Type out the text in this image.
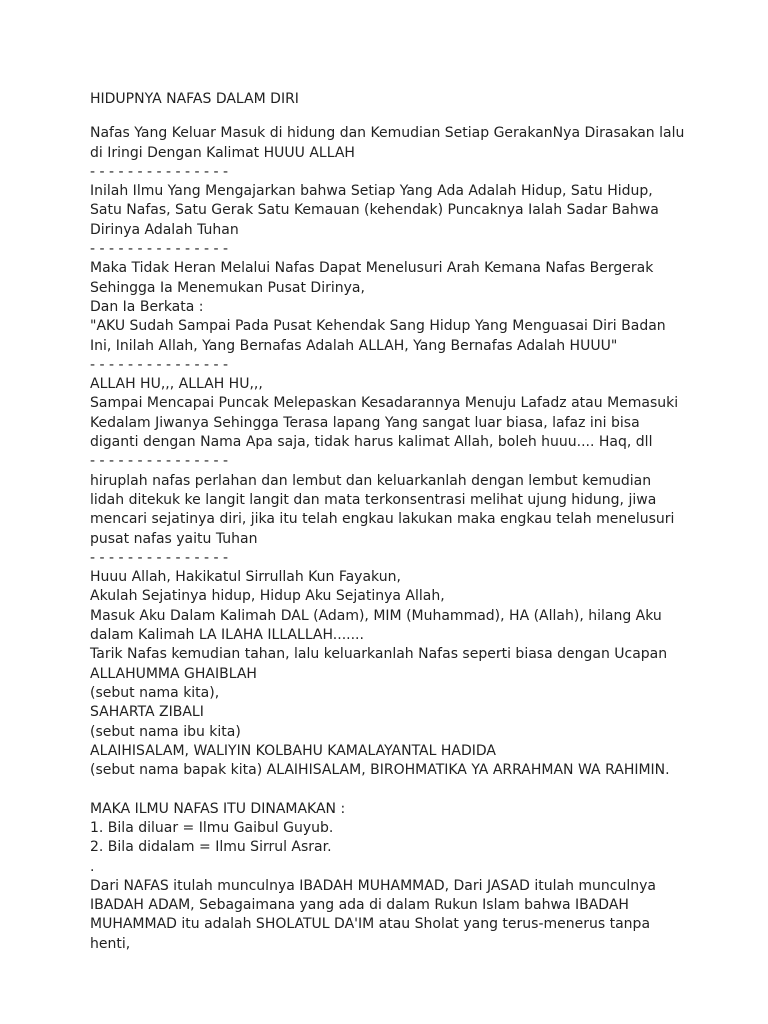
HIDUPNYA NAFAS DALAM DIRI
Nafas Yang Keluar Masuk di hidung dan Kemudian Setiap GerakanNya Dirasakan lalu
di Iringi Dengan Kalimat HUUU ALLAH
- - - - - - - - - - - - - - -
Inilah Ilmu Yang Mengajarkan bahwa Setiap Yang Ada Adalah Hidup, Satu Hidup,
Satu Nafas, Satu Gerak Satu Kemauan (kehendak) Puncaknya Ialah Sadar Bahwa
Dirinya Adalah Tuhan
- - - - - - - - - - - - - - -
Maka Tidak Heran Melalui Nafas Dapat Menelusuri Arah Kemana Nafas Bergerak
Sehingga Ia Menemukan Pusat Dirinya,
Dan Ia Berkata :
"AKU Sudah Sampai Pada Pusat Kehendak Sang Hidup Yang Menguasai Diri Badan
Ini, Inilah Allah, Yang Bernafas Adalah ALLAH, Yang Bernafas Adalah HUUU"
- - - - - - - - - - - - - - -
ALLAH HU,,, ALLAH HU,,,
Sampai Mencapai Puncak Melepaskan Kesadarannya Menuju Lafadz atau Memasuki
Kedalam Jiwanya Sehingga Terasa lapang Yang sangat luar biasa, lafaz ini bisa
diganti dengan Nama Apa saja, tidak harus kalimat Allah, boleh huuu.... Haq, dll
- - - - - - - - - - - - - - -
hiruplah nafas perlahan dan lembut dan keluarkanlah dengan lembut kemudian
lidah ditekuk ke langit langit dan mata terkonsentrasi melihat ujung hidung, jiwa
mencari sejatinya diri, jika itu telah engkau lakukan maka engkau telah menelusuri
pusat nafas yaitu Tuhan
- - - - - - - - - - - - - - -
Huuu Allah, Hakikatul Sirrullah Kun Fayakun,
Akulah Sejatinya hidup, Hidup Aku Sejatinya Allah,
Masuk Aku Dalam Kalimah DAL (Adam), MIM (Muhammad), HA (Allah), hilang Aku
dalam Kalimah LA ILAHA ILLALLAH.......
Tarik Nafas kemudian tahan, lalu keluarkanlah Nafas seperti biasa dengan Ucapan
ALLAHUMMA GHAIBLAH
(sebut nama kita),
SAHARTA ZIBALI
(sebut nama ibu kita)
ALAIHISALAM, WALIYIN KOLBAHU KAMALAYANTAL HADIDA
(sebut nama bapak kita) ALAIHISALAM, BIROHMATIKA YA ARRAHMAN WA RAHIMIN.
MAKA ILMU NAFAS ITU DINAMAKAN :
1. Bila diluar = Ilmu Gaibul Guyub.
2. Bila didalam = Ilmu Sirrul Asrar.
.
Dari NAFAS itulah munculnya IBADAH MUHAMMAD, Dari JASAD itulah munculnya
IBADAH ADAM, Sebagaimana yang ada di dalam Rukun Islam bahwa IBADAH
MUHAMMAD itu adalah SHOLATUL DA'IM atau Sholat yang terus-menerus tanpa
henti,
